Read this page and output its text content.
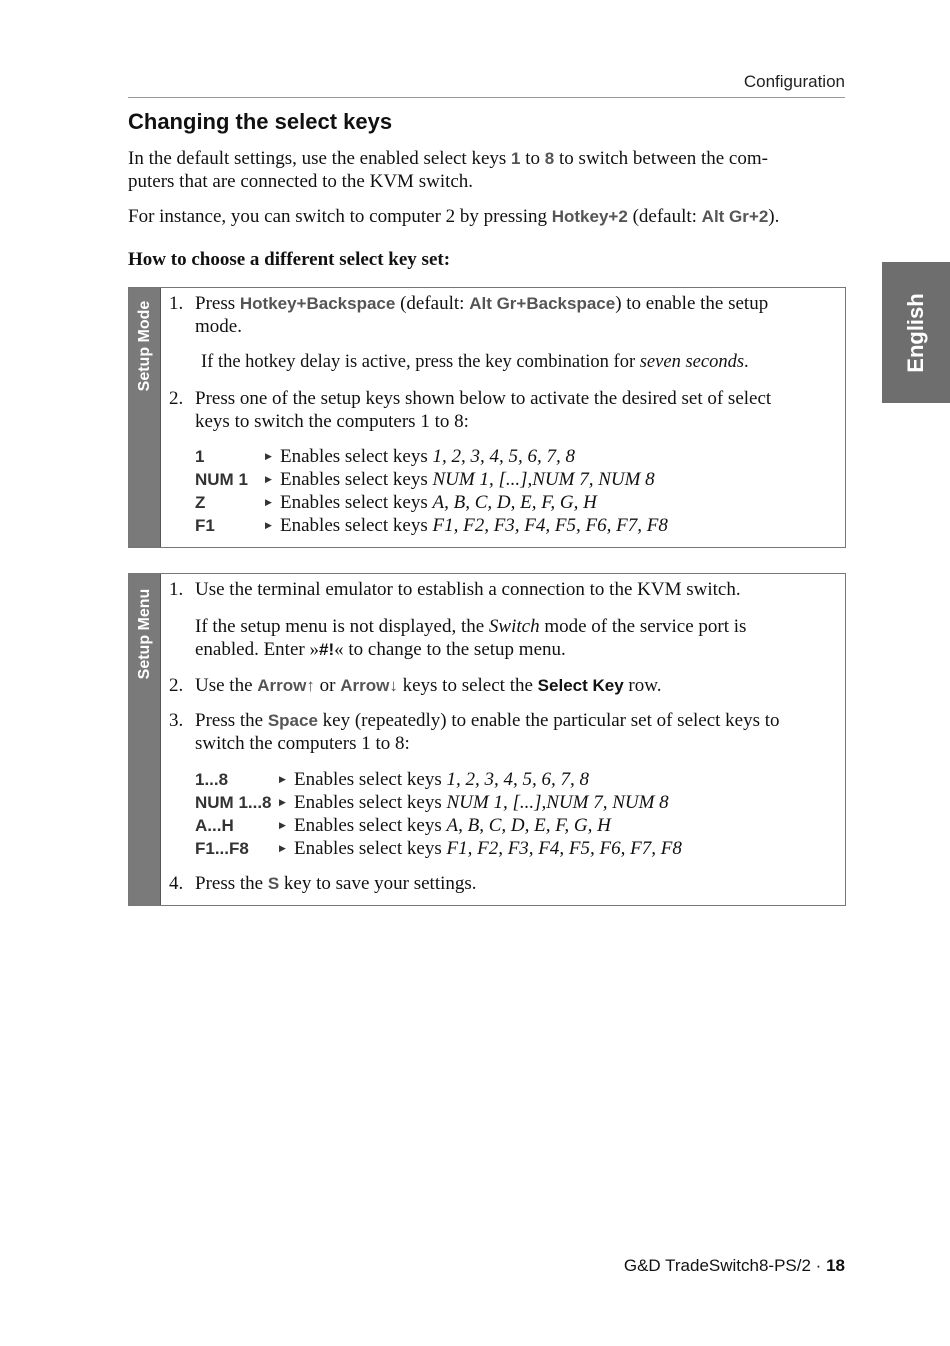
Configuration
English
Changing the select keys
In the default settings, use the enabled select keys 1 to 8 to switch between the com-
puters that are connected to the KVM switch.
For instance, you can switch to computer 2 by pressing Hotkey+2 (default: Alt Gr+2).
How to choose a different select key set:
Setup Mode 1. Press Hotkey+Backspace (default: Alt Gr+Backspace) to enable the setup
mode.
If the hotkey delay is active, press the key combination for seven seconds.
2. Press one of the setup keys shown below to activate the desired set of select
keys to switch the computers 1 to 8:
1	▶ Enables select keys 1, 2, 3, 4, 5, 6, 7, 8
NUM 1 ▶ Enables select keys NUM 1, [...],NUM 7, NUM 8
Z	▶ Enables select keys A, B, C, D, E, F, G, H
F1	▶ Enables select keys F1, F2, F3, F4, F5, F6, F7, F8
Setup Menu 1. Use the terminal emulator to establish a connection to the KVM switch.
If the setup menu is not displayed, the Switch mode of the service port is
enabled. Enter »#!« to change to the setup menu.
2. Use the Arrow↑ or Arrow↓ keys to select the Select Key row.
3. Press the Space key (repeatedly) to enable the particular set of select keys to
switch the computers 1 to 8:
1...8	▶ Enables select keys 1, 2, 3, 4, 5, 6, 7, 8
NUM 1...8 ▶ Enables select keys NUM 1, [...],NUM 7, NUM 8
A...H	▶ Enables select keys A, B, C, D, E, F, G, H
F1...F8	▶ Enables select keys F1, F2, F3, F4, F5, F6, F7, F8
4. Press the S key to save your settings.
G&D TradeSwitch8-PS/2 · 18
